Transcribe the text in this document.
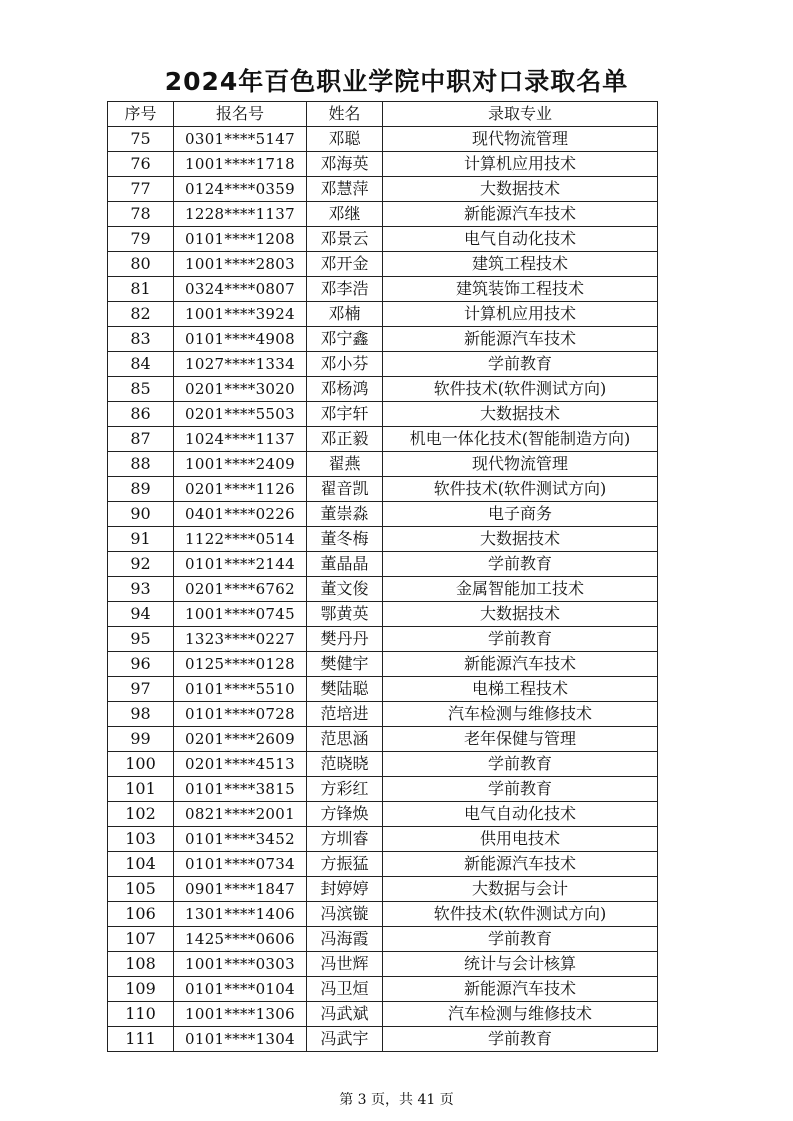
2024年百色职业学院中职对口录取名单
序号	报名号	姓名	录取专业
75	0301****5147	邓聪	现代物流管理
76	1001****1718	邓海英	计算机应用技术
77	0124****0359	邓慧萍	大数据技术
78	1228****1137	邓继	新能源汽车技术
79	0101****1208	邓景云	电气自动化技术
80	1001****2803	邓开金	建筑工程技术
81	0324****0807	邓李浩	建筑装饰工程技术
82	1001****3924	邓楠	计算机应用技术
83	0101****4908	邓宁鑫	新能源汽车技术
84	1027****1334	邓小芬	学前教育
85	0201****3020	邓杨鸿	软件技术(软件测试方向)
86	0201****5503	邓宇轩	大数据技术
87	1024****1137	邓正毅	机电一体化技术(智能制造方向)
88	1001****2409	翟燕	现代物流管理
89	0201****1126	翟音凯	软件技术(软件测试方向)
90	0401****0226	董崇淼	电子商务
91	1122****0514	董冬梅	大数据技术
92	0101****2144	董晶晶	学前教育
93	0201****6762	董文俊	金属智能加工技术
94	1001****0745	鄂黄英	大数据技术
95	1323****0227	樊丹丹	学前教育
96	0125****0128	樊健宇	新能源汽车技术
97	0101****5510	樊陆聪	电梯工程技术
98	0101****0728	范培进	汽车检测与维修技术
99	0201****2609	范思涵	老年保健与管理
100	0201****4513	范晓晓	学前教育
101	0101****3815	方彩红	学前教育
102	0821****2001	方锋焕	电气自动化技术
103	0101****3452	方圳睿	供用电技术
104	0101****0734	方振猛	新能源汽车技术
105	0901****1847	封婷婷	大数据与会计
106	1301****1406	冯滨镟	软件技术(软件测试方向)
107	1425****0606	冯海霞	学前教育
108	1001****0303	冯世辉	统计与会计核算
109	0101****0104	冯卫烜	新能源汽车技术
110	1001****1306	冯武斌	汽车检测与维修技术
111	0101****1304	冯武宇	学前教育
第 3 页，共 41 页
